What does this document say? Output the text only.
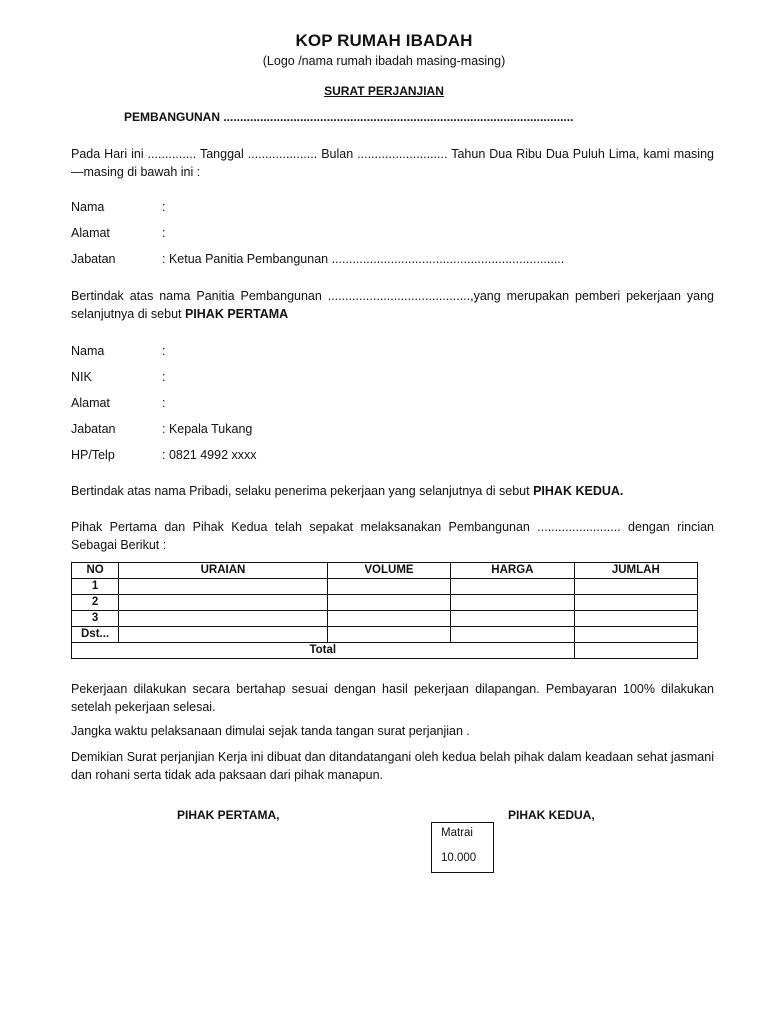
KOP RUMAH IBADAH
(Logo /nama rumah ibadah masing-masing)
SURAT PERJANJIAN
PEMBANGUNAN .........................................................................................................
Pada Hari ini .............. Tanggal .................... Bulan .......................... Tahun Dua Ribu Dua Puluh Lima, kami masing—masing di bawah ini :
Nama	:
Alamat	:
Jabatan	: Ketua Panitia Pembangunan ...................................................................
Bertindak atas nama Panitia Pembangunan .........................................,yang merupakan pemberi pekerjaan yang selanjutnya di sebut PIHAK PERTAMA
Nama	:
NIK	:
Alamat	:
Jabatan	: Kepala Tukang
HP/Telp	: 0821 4992 xxxx
Bertindak atas nama Pribadi, selaku penerima pekerjaan yang selanjutnya di sebut PIHAK KEDUA.
Pihak Pertama dan Pihak Kedua telah sepakat melaksanakan Pembangunan ........................ dengan rincian Sebagai Berikut :
NO	URAIAN	VOLUME	HARGA	JUMLAH
1				
2				
3				
Dst...				
Total				
Pekerjaan dilakukan secara bertahap sesuai dengan hasil pekerjaan dilapangan. Pembayaran 100% dilakukan setelah pekerjaan selesai.
Jangka waktu pelaksanaan dimulai sejak tanda tangan surat perjanjian .
Demikian Surat perjanjian Kerja ini dibuat dan ditandatangani oleh kedua belah pihak dalam keadaan sehat jasmani dan rohani serta tidak ada paksaan dari pihak manapun.
PIHAK PERTAMA,	PIHAK KEDUA,
Matrai
10.000
